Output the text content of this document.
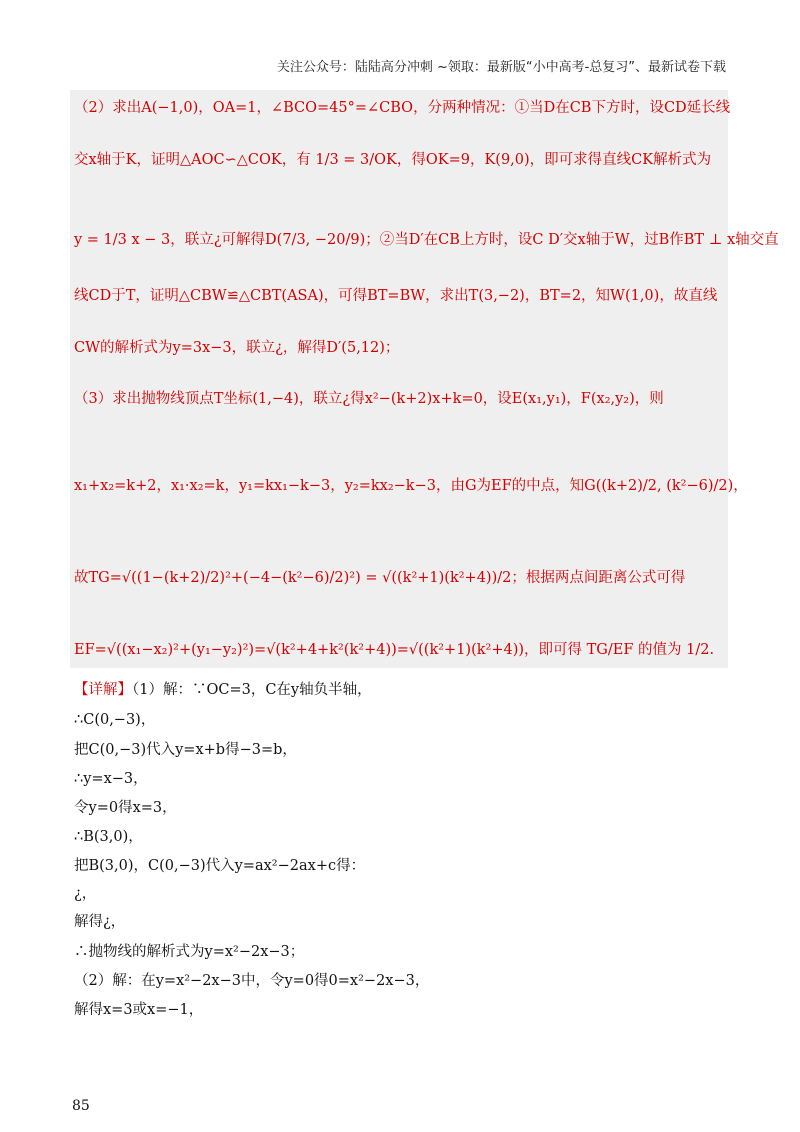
关注公众号：陆陆高分冲刺 ~领取：最新版“小中高考-总复习”、最新试卷下载
（2）求出A(−1,0)，OA=1，∠BCO=45°=∠CBO，分两种情况：①当D在CB下方时，设CD延长线
交x轴于K，证明△AOC∽△COK，有 1/3 = 3/OK，得OK=9，K(9,0)，即可求得直线CK解析式为
y = 1/3 x − 3，联立¿可解得D(7/3, −20/9)；②当D′在CB上方时，设C D′交x轴于W，过B作BT ⊥ x轴交直
线CD于T，证明△CBW≌△CBT(ASA)，可得BT=BW，求出T(3,−2)，BT=2，知W(1,0)，故直线
CW的解析式为y=3x−3，联立¿，解得D′(5,12)；
（3）求出抛物线顶点T坐标(1,−4)，联立¿得x²−(k+2)x+k=0，设E(x₁,y₁)，F(x₂,y₂)，则
x₁+x₂=k+2，x₁·x₂=k，y₁=kx₁−k−3，y₂=kx₂−k−3，由G为EF的中点，知G((k+2)/2, (k²−6)/2)，
故TG=√((1−(k+2)/2)²+(−4−(k²−6)/2)²) = √((k²+1)(k²+4))/2；根据两点间距离公式可得
EF=√((x₁−x₂)²+(y₁−y₂)²)=√(k²+4+k²(k²+4))=√((k²+1)(k²+4))，即可得 TG/EF 的值为 1/2.
【详解】（1）解：∵OC=3，C在y轴负半轴，
∴C(0,−3)，
把C(0,−3)代入y=x+b得−3=b，
∴y=x−3，
令y=0得x=3，
∴B(3,0)，
把B(3,0)，C(0,−3)代入y=ax²−2ax+c得：
¿，
解得¿，
∴抛物线的解析式为y=x²−2x−3；
（2）解：在y=x²−2x−3中，令y=0得0=x²−2x−3，
解得x=3或x=−1，
85
